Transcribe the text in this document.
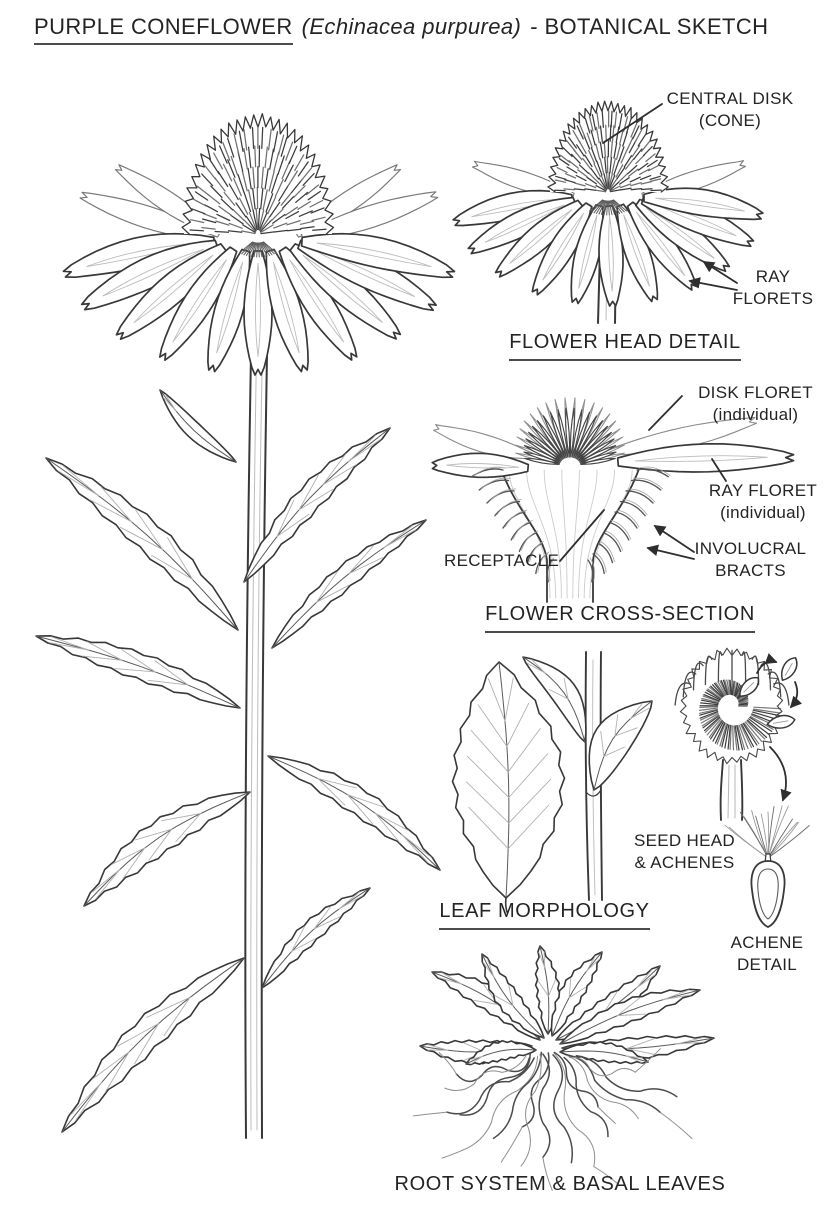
PURPLE CONEFLOWER (Echinacea purpurea) - BOTANICAL SKETCH
CENTRAL DISK
(CONE)
RAY
FLORETS
FLOWER HEAD DETAIL
DISK FLORET
(individual)
RAY FLORET
(individual)
RECEPTACLE
INVOLUCRAL
BRACTS
FLOWER CROSS-SECTION
LEAF MORPHOLOGY
SEED HEAD
& ACHENES
ACHENE
DETAIL
ROOT SYSTEM & BASAL LEAVES
